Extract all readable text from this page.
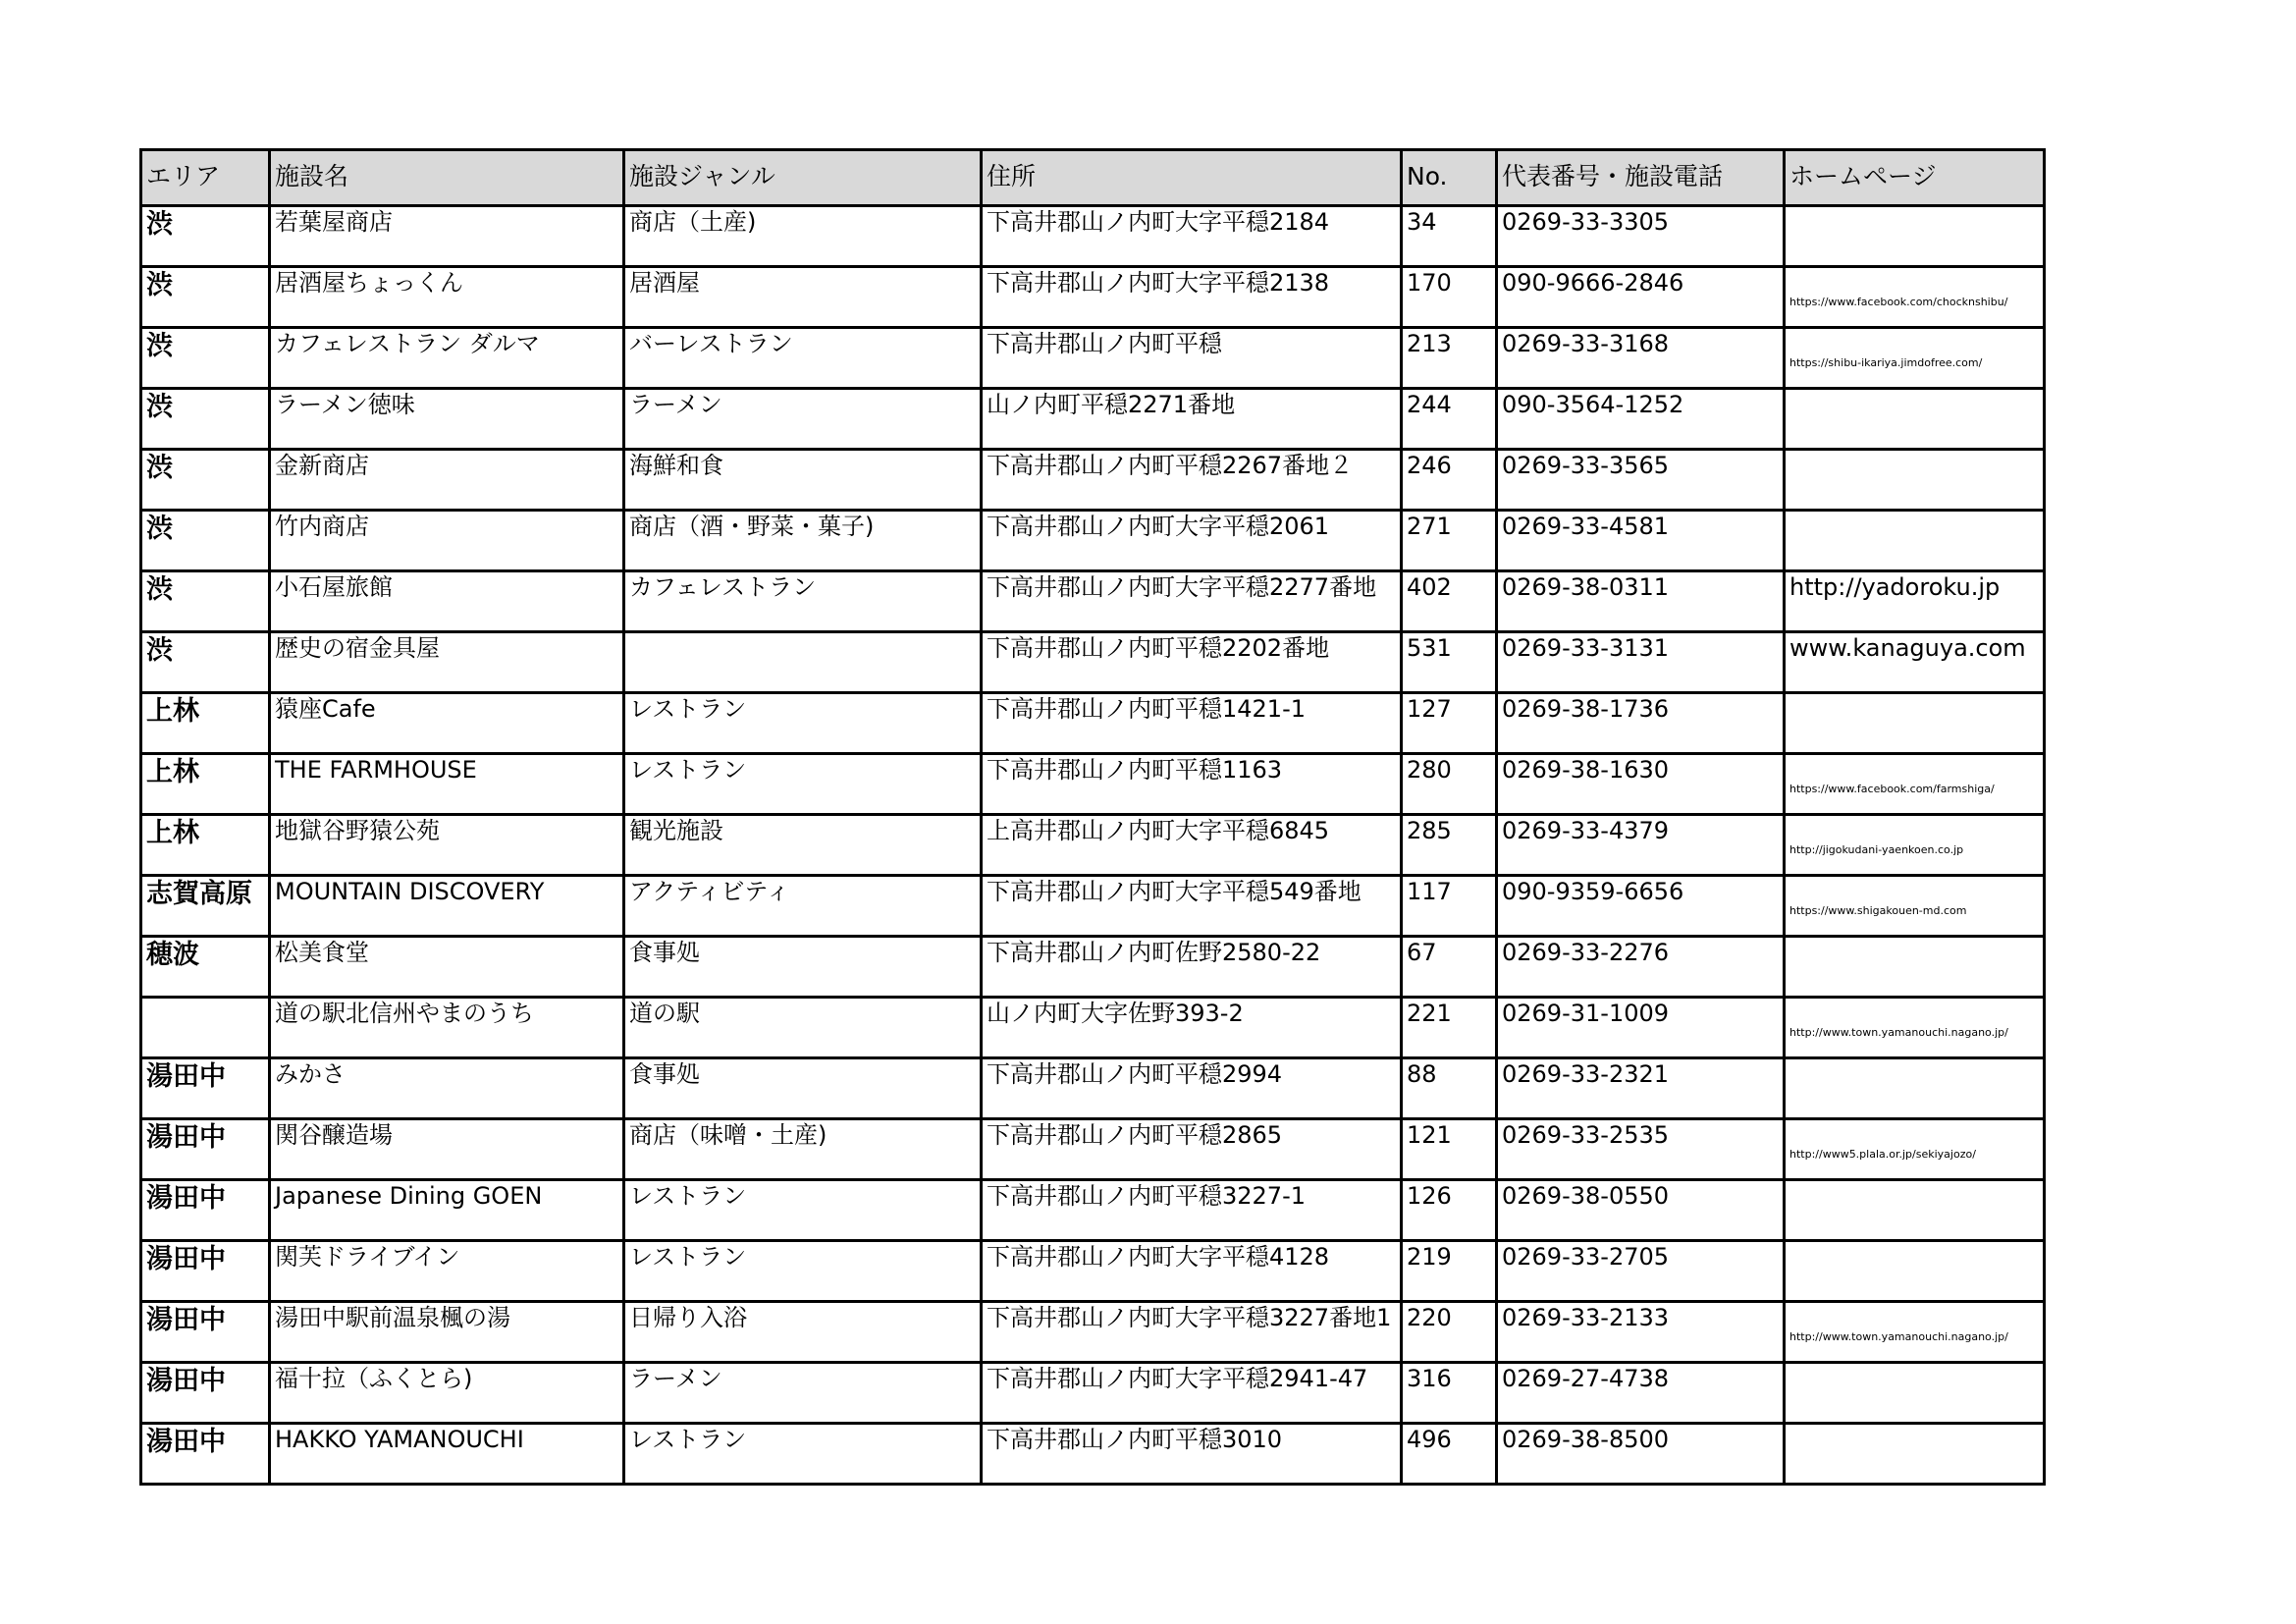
エリア	施設名	施設ジャンル	住所	No.	代表番号・施設電話	ホームページ
渋	若葉屋商店	商店（土産)	下高井郡山ノ内町大字平穏2184	34	0269-33-3305	
渋	居酒屋ちょっくん	居酒屋	下高井郡山ノ内町大字平穏2138	170	090-9666-2846	https://www.facebook.com/chocknshibu/
渋	カフェレストラン ダルマ	バーレストラン	下高井郡山ノ内町平穏	213	0269-33-3168	https://shibu-ikariya.jimdofree.com/
渋	ラーメン徳味	ラーメン	山ノ内町平穏2271番地	244	090-3564-1252	
渋	金新商店	海鮮和食	下高井郡山ノ内町平穏2267番地２	246	0269-33-3565	
渋	竹内商店	商店（酒・野菜・菓子)	下高井郡山ノ内町大字平穏2061	271	0269-33-4581	
渋	小石屋旅館	カフェレストラン	下高井郡山ノ内町大字平穏2277番地	402	0269-38-0311	http://yadoroku.jp
渋	歴史の宿金具屋		下高井郡山ノ内町平穏2202番地	531	0269-33-3131	www.kanaguya.com
上林	猿座Cafe	レストラン	下高井郡山ノ内町平穏1421-1	127	0269-38-1736	
上林	THE FARMHOUSE	レストラン	下高井郡山ノ内町平穏1163	280	0269-38-1630	https://www.facebook.com/farmshiga/
上林	地獄谷野猿公苑	観光施設	上高井郡山ノ内町大字平穏6845	285	0269-33-4379	http://jigokudani-yaenkoen.co.jp
志賀高原	MOUNTAIN DISCOVERY	アクティビティ	下高井郡山ノ内町大字平穏549番地	117	090-9359-6656	https://www.shigakouen-md.com
穂波	松美食堂	食事処	下高井郡山ノ内町佐野2580-22	67	0269-33-2276	
	道の駅北信州やまのうち	道の駅	山ノ内町大字佐野393-2	221	0269-31-1009	http://www.town.yamanouchi.nagano.jp/
湯田中	みかさ	食事処	下高井郡山ノ内町平穏2994	88	0269-33-2321	
湯田中	関谷醸造場	商店（味噌・土産)	下高井郡山ノ内町平穏2865	121	0269-33-2535	http://www5.plala.or.jp/sekiyajozo/
湯田中	Japanese Dining GOEN	レストラン	下高井郡山ノ内町平穏3227-1	126	0269-38-0550	
湯田中	関芙ドライブイン	レストラン	下高井郡山ノ内町大字平穏4128	219	0269-33-2705	
湯田中	湯田中駅前温泉楓の湯	日帰り入浴	下高井郡山ノ内町大字平穏3227番地1	220	0269-33-2133	http://www.town.yamanouchi.nagano.jp/
湯田中	福十拉（ふくとら)	ラーメン	下高井郡山ノ内町大字平穏2941-47	316	0269-27-4738	
湯田中	HAKKO YAMANOUCHI	レストラン	下高井郡山ノ内町平穏3010	496	0269-38-8500	
